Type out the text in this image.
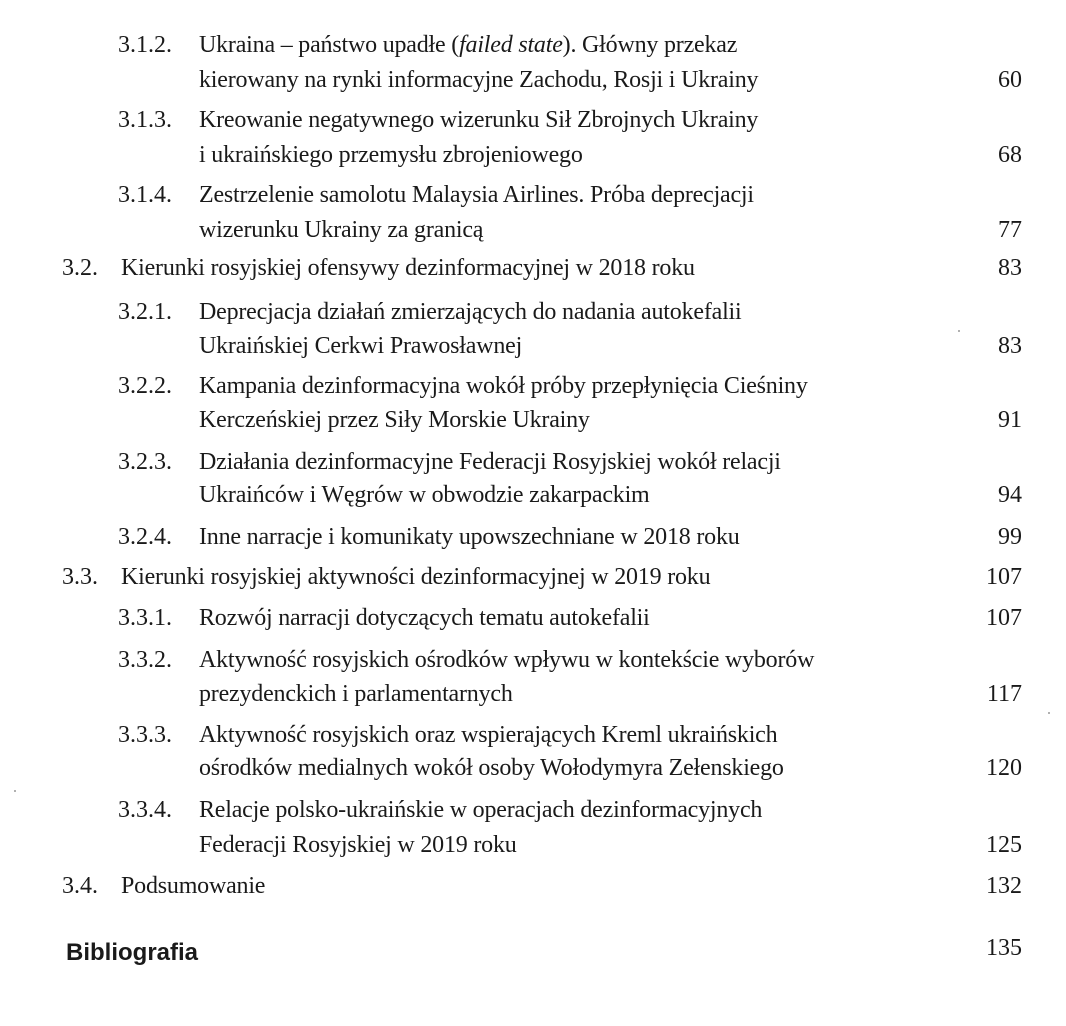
3.1.2. Ukraina – państwo upadłe (failed state). Główny przekaz
kierowany na rynki informacyjne Zachodu, Rosji i Ukrainy	60
3.1.3. Kreowanie negatywnego wizerunku Sił Zbrojnych Ukrainy
i ukraińskiego przemysłu zbrojeniowego	68
3.1.4. Zestrzelenie samolotu Malaysia Airlines. Próba deprecjacji
wizerunku Ukrainy za granicą	77
3.2. Kierunki rosyjskiej ofensywy dezinformacyjnej w 2018 roku	83
3.2.1. Deprecjacja działań zmierzających do nadania autokefalii
Ukraińskiej Cerkwi Prawosławnej	83
3.2.2. Kampania dezinformacyjna wokół próby przepłynięcia Cieśniny
Kerczeńskiej przez Siły Morskie Ukrainy	91
3.2.3. Działania dezinformacyjne Federacji Rosyjskiej wokół relacji
Ukraińców i Węgrów w obwodzie zakarpackim	94
3.2.4. Inne narracje i komunikaty upowszechniane w 2018 roku	99
3.3. Kierunki rosyjskiej aktywności dezinformacyjnej w 2019 roku	107
3.3.1. Rozwój narracji dotyczących tematu autokefalii	107
3.3.2. Aktywność rosyjskich ośrodków wpływu w kontekście wyborów
prezydenckich i parlamentarnych	117
3.3.3. Aktywność rosyjskich oraz wspierających Kreml ukraińskich
ośrodków medialnych wokół osoby Wołodymyra Zełenskiego	120
3.3.4. Relacje polsko-ukraińskie w operacjach dezinformacyjnych
Federacji Rosyjskiej w 2019 roku	125
3.4. Podsumowanie	132
Bibliografia	135
